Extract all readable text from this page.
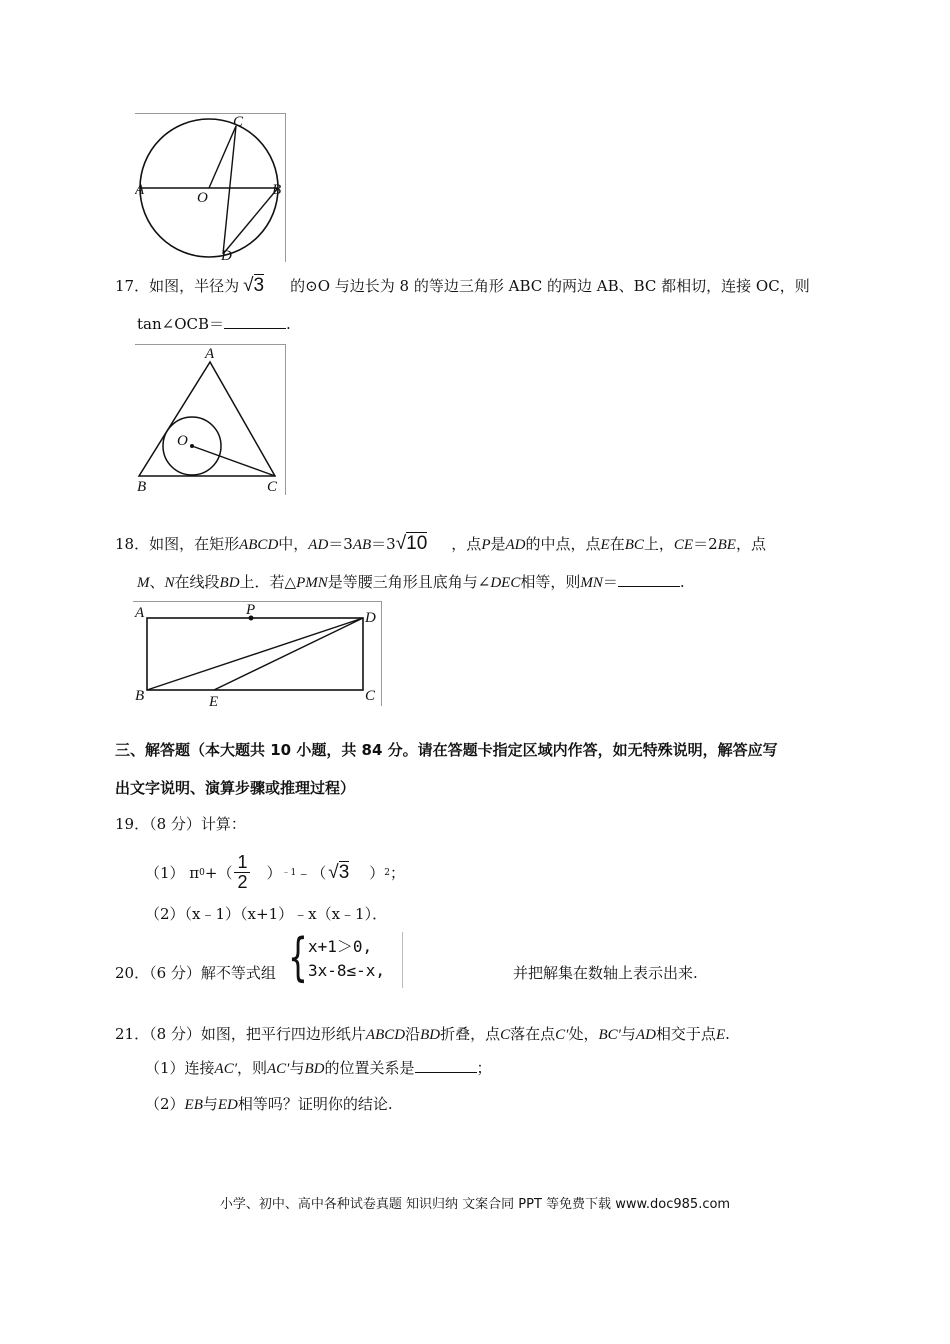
C
A	O	B
D
17．如图，半径为 √3 的⊙O 与边长为 8 的等边三角形 ABC 的两边 AB、BC 都相切，连接 OC，则
tan∠OCB＝	.
A
O
B	C
18．如图，在矩形ABCD中，AD＝3AB＝3√10 ，点P是AD的中点，点E在BC上，CE＝2BE，点
M、N在线段BD上．若△PMN是等腰三角形且底角与∠DEC相等，则MN＝	.
A	P	D
B	E	C
三、解答题（本大题共 10 小题，共 84 分。请在答题卡指定区域内作答，如无特殊说明，解答应写
出文字说明、演算步骤或推理过程）
19．（8 分）计算：
（1） π 0 +（
1
2 ） ﹣1 ﹣（ √3 ） 2 ；
（2）（x﹣1）（x+1）﹣x（x﹣1）．
20．（6 分）解不等式组 { x+1＞0,
3x-8≤-x,	并把解集在数轴上表示出来.
21．（8 分）如图，把平行四边形纸片ABCD沿BD折叠，点C落在点C′处，BC′与AD相交于点E.
（1）连接AC′，则AC′与BD的位置关系是	；
（2）EB与ED相等吗？证明你的结论.
小学、初中、高中各种试卷真题 知识归纳 文案合同 PPT 等免费下载 www.doc985.com
